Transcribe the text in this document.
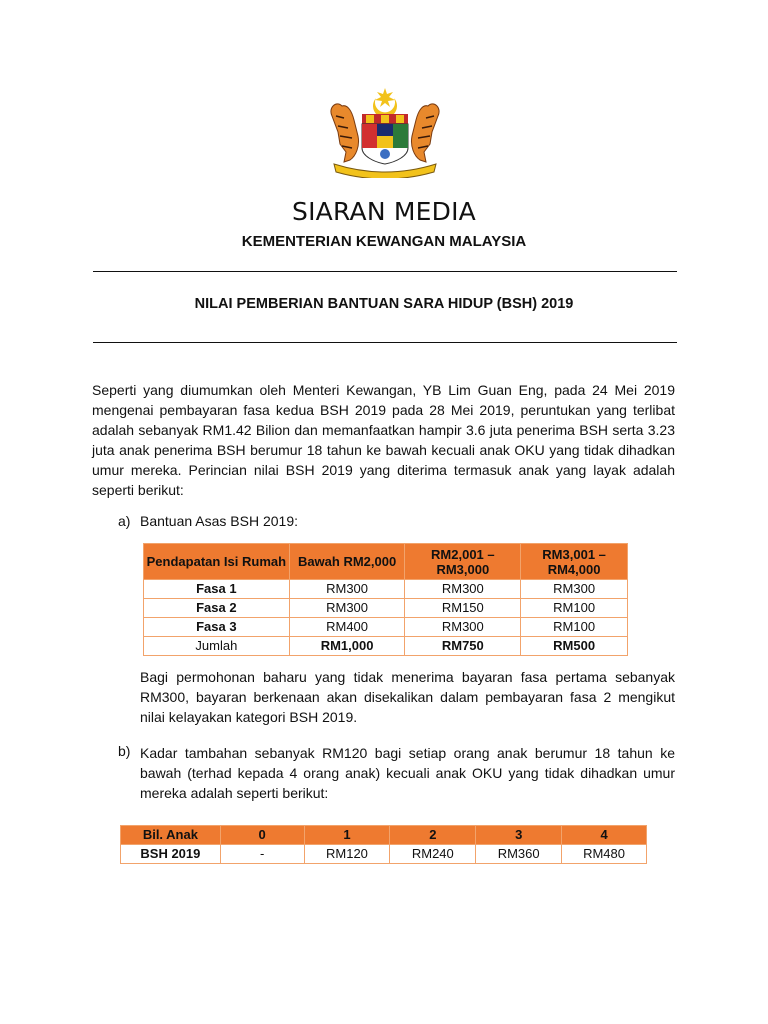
SIARAN MEDIA
KEMENTERIAN KEWANGAN MALAYSIA
NILAI PEMBERIAN BANTUAN SARA HIDUP (BSH) 2019
Seperti yang diumumkan oleh Menteri Kewangan, YB Lim Guan Eng, pada 24 Mei 2019 mengenai pembayaran fasa kedua BSH 2019 pada 28 Mei 2019, peruntukan yang terlibat adalah sebanyak RM1.42 Bilion dan memanfaatkan hampir 3.6 juta penerima BSH serta 3.23 juta anak penerima BSH berumur 18 tahun ke bawah kecuali anak OKU yang tidak dihadkan umur mereka. Perincian nilai BSH 2019 yang diterima termasuk anak yang layak adalah seperti berikut:
a) Bantuan Asas BSH 2019:
Pendapatan Isi Rumah	Bawah RM2,000	RM2,001 – RM3,000	RM3,001 – RM4,000
Fasa 1	RM300	RM300	RM300
Fasa 2	RM300	RM150	RM100
Fasa 3	RM400	RM300	RM100
Jumlah	RM1,000	RM750	RM500
Bagi permohonan baharu yang tidak menerima bayaran fasa pertama sebanyak RM300, bayaran berkenaan akan disekalikan dalam pembayaran fasa 2 mengikut nilai kelayakan kategori BSH 2019.
b) Kadar tambahan sebanyak RM120 bagi setiap orang anak berumur 18 tahun ke bawah (terhad kepada 4 orang anak) kecuali anak OKU yang tidak dihadkan umur mereka adalah seperti berikut:
Bil. Anak	0	1	2	3	4
BSH 2019	-	RM120	RM240	RM360	RM480
